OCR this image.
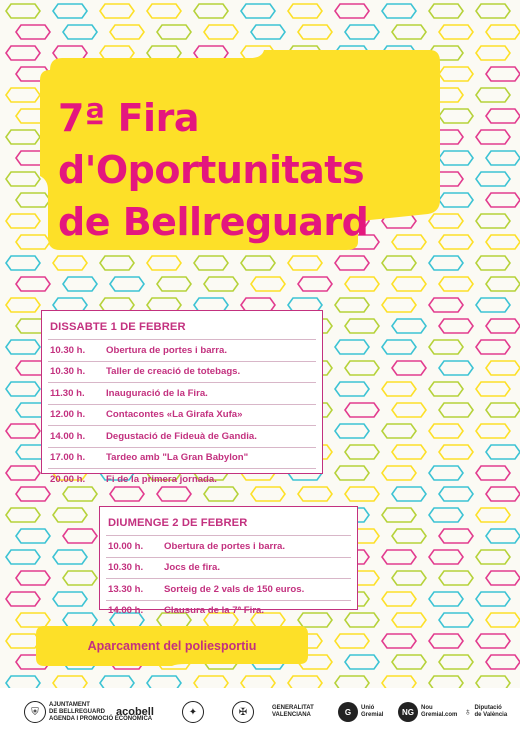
7ª Fira
d'Oportunitats
de Bellreguard
DISSABTE 1 DE FEBRER
10.30 h.	Obertura de portes i barra.
10.30 h.	Taller de creació de totebags.
11.30 h.	Inauguració de la Fira.
12.00 h.	Contacontes «La Girafa Xufa»
14.00 h.	Degustació de Fideuà de Gandia.
17.00 h.	Tardeo amb "La Gran Babylon"
20.00 h.	Fi de la primera jornada.
DIUMENGE 2 DE FEBRER
10.00 h.	Obertura de portes i barra.
10.30 h.	Jocs de fira.
13.30 h.	Sorteig de 2 vals de 150 euros.
14.00 h.	Clausura de la 7ª Fira.
Aparcament del poliesportiu
⛨
AJUNTAMENT
DE BELLREGUARD
AGENDA I PROMOCIÓ ECONÒMICA
acobell	✦	✠	GENERALITAT
VALENCIANA	G	Unió
Gremial	NG	Nou
Gremial.com ♁ Diputació
de València
